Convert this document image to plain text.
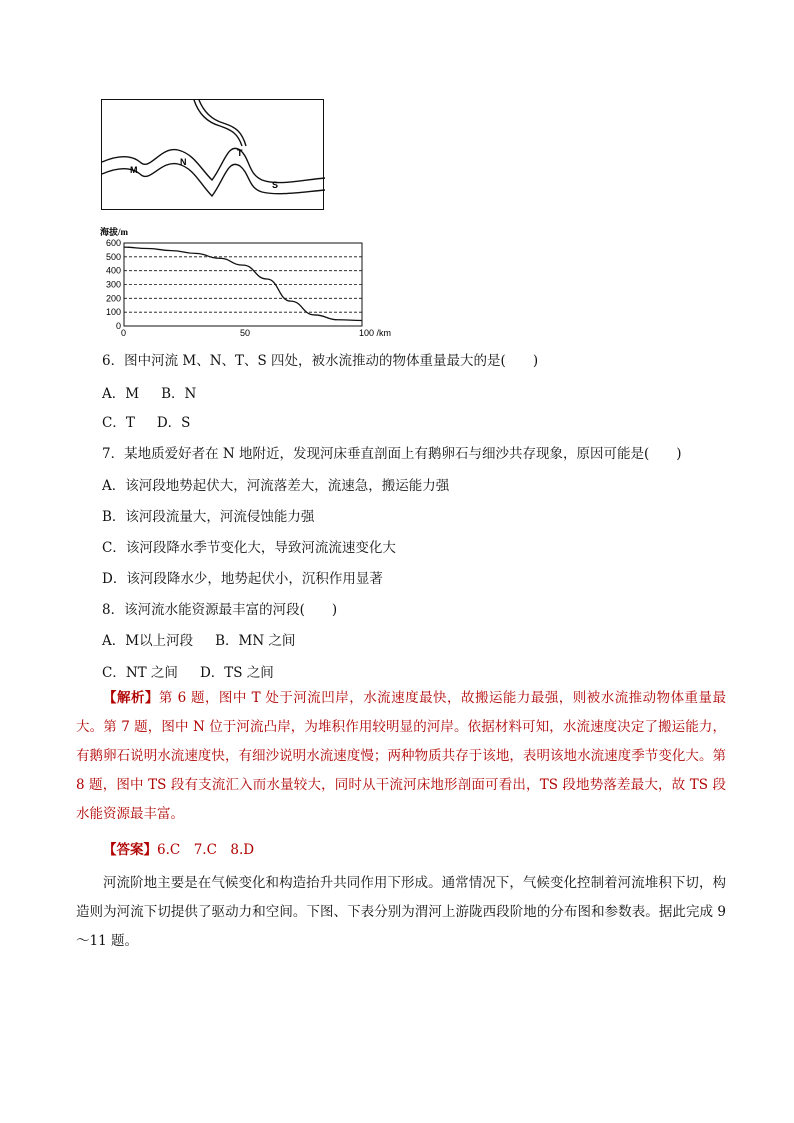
M
N
T
S
海拔/m
600
500
400
300
200
100
0
0	50	100 /km
6．图中河流 M、N、T、S 四处，被水流推动的物体重量最大的是(　　)
A．M B．N
C．T D．S
7．某地质爱好者在 N 地附近，发现河床垂直剖面上有鹅卵石与细沙共存现象，原因可能是(　　)
A．该河段地势起伏大，河流落差大，流速急，搬运能力强
B．该河段流量大，河流侵蚀能力强
C．该河段降水季节变化大，导致河流流速变化大
D．该河段降水少，地势起伏小，沉积作用显著
8．该河流水能资源最丰富的河段(　　)
A．M以上河段 B．MN 之间
C．NT 之间 D．TS 之间
【解析】第 6 题，图中 T 处于河流凹岸，水流速度最快，故搬运能力最强，则被水流推动物体重量最大。第 7 题，图中 N 位于河流凸岸，为堆积作用较明显的河岸。依据材料可知，水流速度决定了搬运能力，有鹅卵石说明水流速度快，有细沙说明水流速度慢；两种物质共存于该地，表明该地水流速度季节变化大。第 8 题，图中 TS 段有支流汇入而水量较大，同时从干流河床地形剖面可看出，TS 段地势落差最大，故 TS 段水能资源最丰富。
【答案】6.C　7.C　8.D
河流阶地主要是在气候变化和构造抬升共同作用下形成。通常情况下，气候变化控制着河流堆积下切，构造则为河流下切提供了驱动力和空间。下图、下表分别为渭河上游陇西段阶地的分布图和参数表。据此完成 9～11 题。
